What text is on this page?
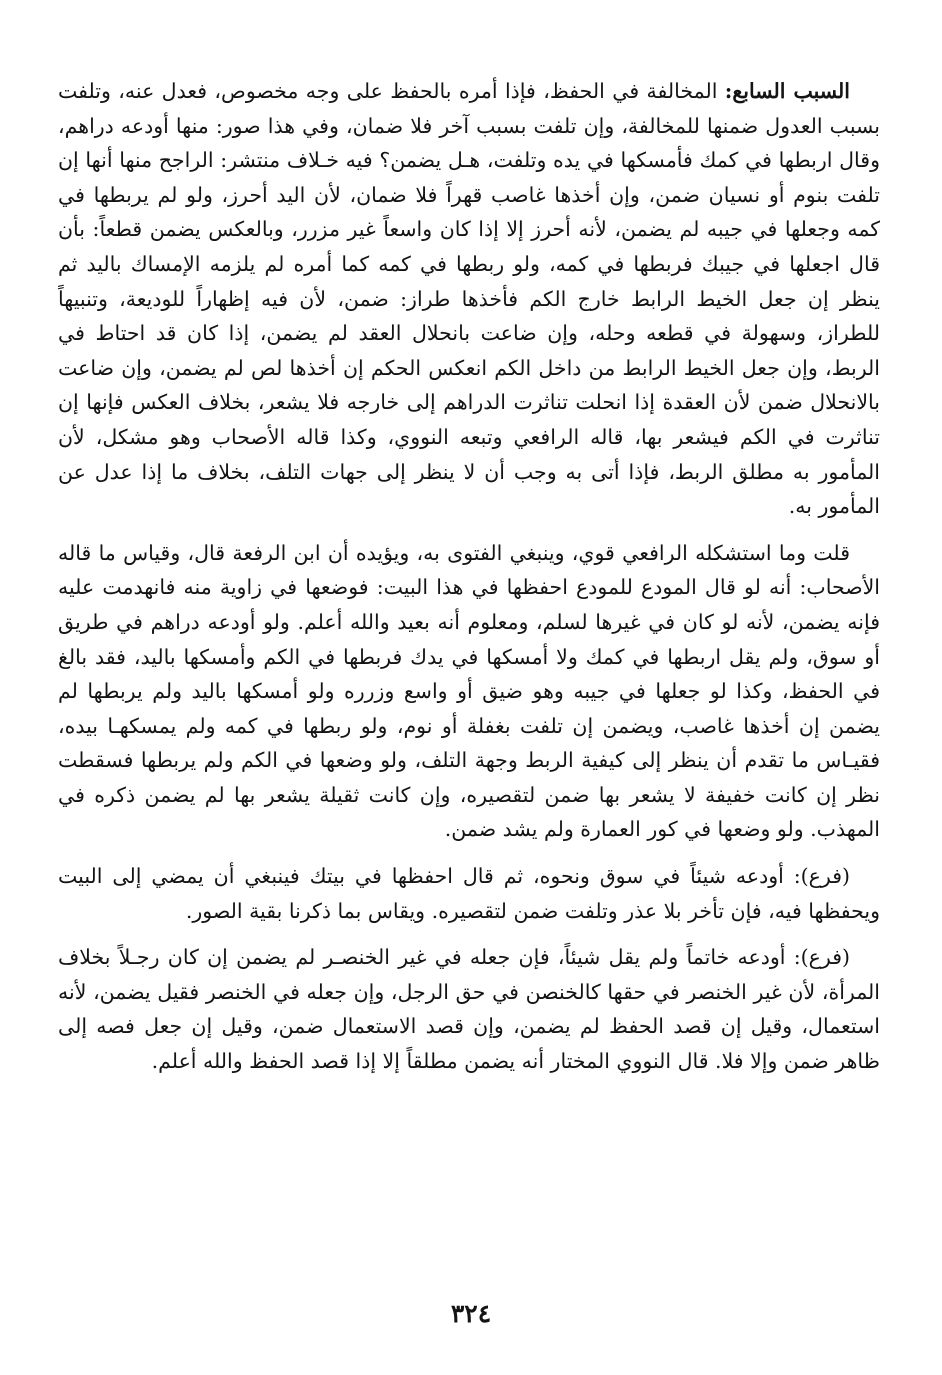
السبب السابع: المخالفة في الحفظ، فإذا أمره بالحفظ على وجه مخصوص، فعدل عنه، وتلفت بسبب العدول ضمنها للمخالفة، وإن تلفت بسبب آخر فلا ضمان، وفي هذا صور: منها أودعه دراهم، وقال اربطها في كمك فأمسكها في يده وتلفت، هـل يضمن؟ فيه خـلاف منتشر: الراجح منها أنها إن تلفت بنوم أو نسيان ضمن، وإن أخذها غاصب قهراً فلا ضمان، لأن اليد أحرز، ولو لم يربطها في كمه وجعلها في جيبه لم يضمن، لأنه أحرز إلا إذا كان واسعاً غير مزرر، وبالعكس يضمن قطعاً: بأن قال اجعلها في جيبك فربطها في كمه، ولو ربطها في كمه كما أمره لم يلزمه الإمساك باليد ثم ينظر إن جعل الخيط الرابط خارج الكم فأخذها طراز: ضمن، لأن فيه إظهاراً للوديعة، وتنبيهاً للطراز، وسهولة في قطعه وحله، وإن ضاعت بانحلال العقد لم يضمن، إذا كان قد احتاط في الربط، وإن جعل الخيط الرابط من داخل الكم انعكس الحكم إن أخذها لص لم يضمن، وإن ضاعت بالانحلال ضمن لأن العقدة إذا انحلت تناثرت الدراهم إلى خارجه فلا يشعر، بخلاف العكس فإنها إن تناثرت في الكم فيشعر بها، قاله الرافعي وتبعه النووي، وكذا قاله الأصحاب وهو مشكل، لأن المأمور به مطلق الربط، فإذا أتى به وجب أن لا ينظر إلى جهات التلف، بخلاف ما إذا عدل عن المأمور به.

قلت وما استشكله الرافعي قوي، وينبغي الفتوى به، ويؤيده أن ابن الرفعة قال، وقياس ما قاله الأصحاب: أنه لو قال المودع للمودع احفظها في هذا البيت: فوضعها في زاوية منه فانهدمت عليه فإنه يضمن، لأنه لو كان في غيرها لسلم، ومعلوم أنه بعيد والله أعلم. ولو أودعه دراهم في طريق أو سوق، ولم يقل اربطها في كمك ولا أمسكها في يدك فربطها في الكم وأمسكها باليد، فقد بالغ في الحفظ، وكذا لو جعلها في جيبه وهو ضيق أو واسع وزرره ولو أمسكها باليد ولم يربطها لم يضمن إن أخذها غاصب، ويضمن إن تلفت بغفلة أو نوم، ولو ربطها في كمه ولم يمسكهـا بيده، فقيـاس ما تقدم أن ينظر إلى كيفية الربط وجهة التلف، ولو وضعها في الكم ولم يربطها فسقطت نظر إن كانت خفيفة لا يشعر بها ضمن لتقصيره، وإن كانت ثقيلة يشعر بها لم يضمن ذكره في المهذب. ولو وضعها في كور العمارة ولم يشد ضمن.

(فرع): أودعه شيئاً في سوق ونحوه، ثم قال احفظها في بيتك فينبغي أن يمضي إلى البيت ويحفظها فيه، فإن تأخر بلا عذر وتلفت ضمن لتقصيره. ويقاس بما ذكرنا بقية الصور.

(فرع): أودعه خاتماً ولم يقل شيئاً، فإن جعله في غير الخنصـر لم يضمن إن كان رجـلاً بخلاف المرأة، لأن غير الخنصر في حقها كالخنصن في حق الرجل، وإن جعله في الخنصر فقيل يضمن، لأنه استعمال، وقيل إن قصد الحفظ لم يضمن، وإن قصد الاستعمال ضمن، وقيل إن جعل فصه إلى ظاهر ضمن وإلا فلا. قال النووي المختار أنه يضمن مطلقاً إلا إذا قصد الحفظ والله أعلم.

٣٢٤
